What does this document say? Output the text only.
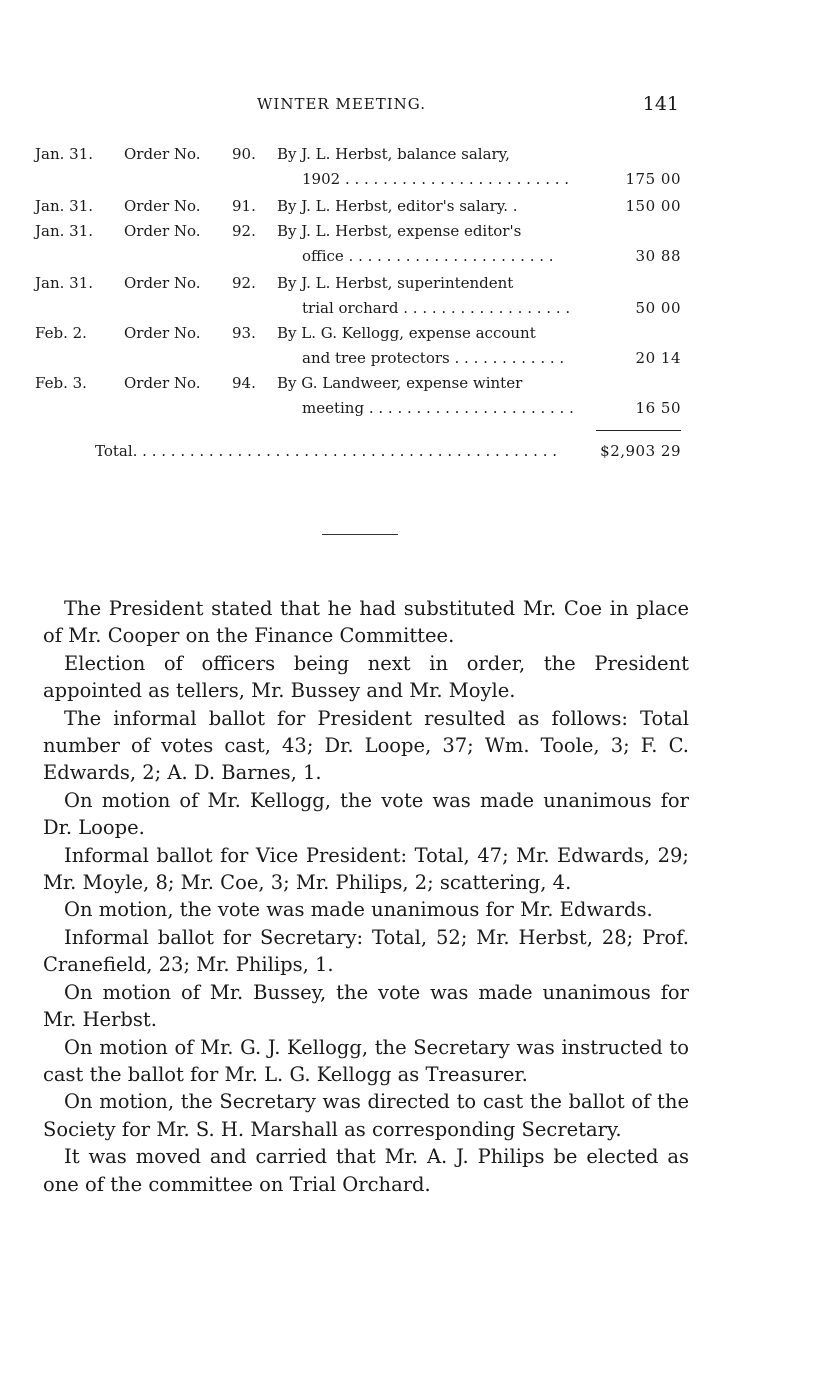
WINTER MEETING.	141
Jan. 31.	Order No.	90.	By J. L. Herbst, balance salary,
1902 . . . . . . . . . . . . . . . . . . . . . . . .	175 00
Jan. 31.	Order No.	91.	By J. L. Herbst, editor's salary. .	150 00
Jan. 31.	Order No.	92.	By J. L. Herbst, expense editor's
office . . . . . . . . . . . . . . . . . . . . . .	30 88
Jan. 31.	Order No.	92.	By J. L. Herbst, superintendent
trial orchard . . . . . . . . . . . . . . . . . .	50 00
Feb. 2.	Order No.	93.	By L. G. Kellogg, expense account
and tree protectors . . . . . . . . . . . .	20 14
Feb. 3.	Order No.	94.	By G. Landweer, expense winter
meeting . . . . . . . . . . . . . . . . . . . . . .	16 50
Total. . . . . . . . . . . . . . . . . . . . . . . . . . . . . . . . . . . . . . . . . . . . .	$2,903 29

The President stated that he had substituted Mr. Coe in place of Mr. Cooper on the Finance Committee.

Election of officers being next in order, the President appointed as tellers, Mr. Bussey and Mr. Moyle.

The informal ballot for President resulted as follows: Total number of votes cast, 43; Dr. Loope, 37; Wm. Toole, 3; F. C. Edwards, 2; A. D. Barnes, 1.

On motion of Mr. Kellogg, the vote was made unanimous for Dr. Loope.

Informal ballot for Vice President: Total, 47; Mr. Edwards, 29; Mr. Moyle, 8; Mr. Coe, 3; Mr. Philips, 2; scattering, 4.

On motion, the vote was made unanimous for Mr. Edwards.

Informal ballot for Secretary: Total, 52; Mr. Herbst, 28; Prof. Cranefield, 23; Mr. Philips, 1.

On motion of Mr. Bussey, the vote was made unanimous for Mr. Herbst.

On motion of Mr. G. J. Kellogg, the Secretary was instructed to cast the ballot for Mr. L. G. Kellogg as Treasurer.

On motion, the Secretary was directed to cast the ballot of the Society for Mr. S. H. Marshall as corresponding Secretary.

It was moved and carried that Mr. A. J. Philips be elected as one of the committee on Trial Orchard.
